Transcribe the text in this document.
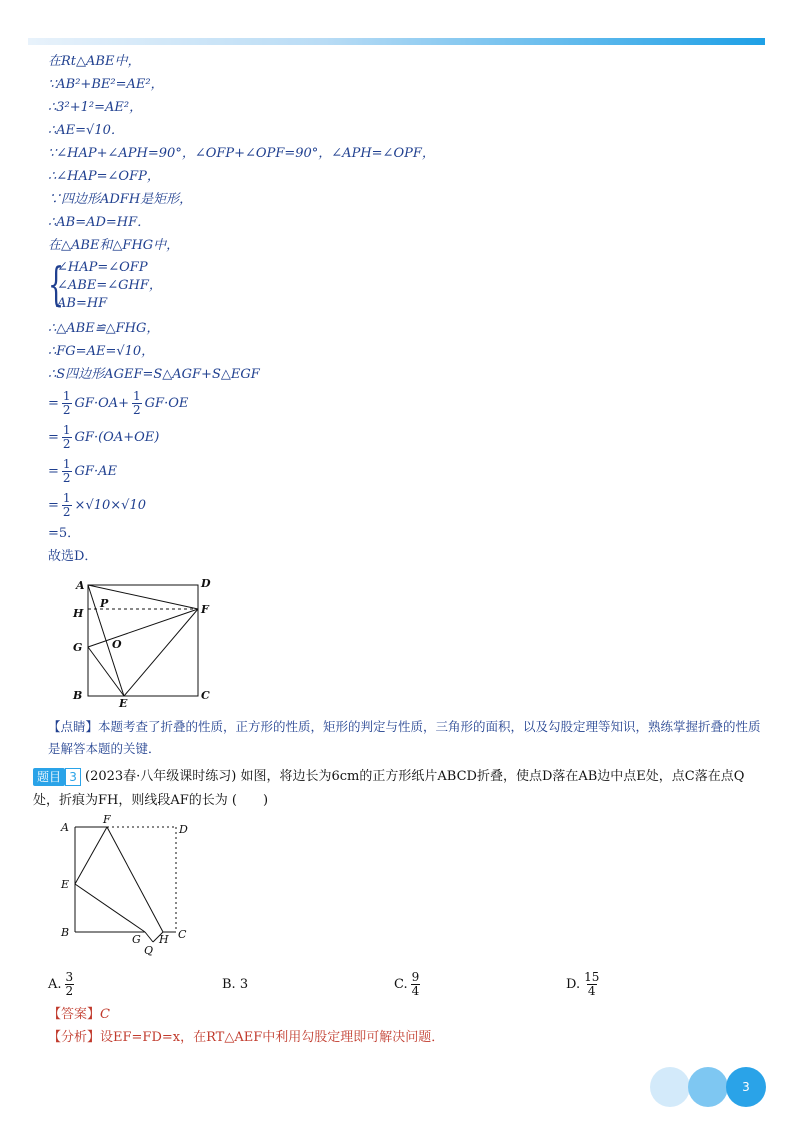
在Rt△ABE中，
∵AB²+BE²=AE²，
∴3²+1²=AE²，
∴AE=√10．
∵∠HAP+∠APH=90°，∠OFP+∠OPF=90°，∠APH=∠OPF，
∴∠HAP=∠OFP，
∵四边形ADFH是矩形，
∴AB=AD=HF．
在△ABE和△FHG中，
{
∠HAP=∠OFP
∠ABE=∠GHF，
AB=HF
∴△ABE≌△FHG，
∴FG=AE=√10，
∴S四边形AGEF=S△AGF+S△EGF
= $\frac{1}{2} GF\cdot OA+ \frac{1}{2} GF\cdot OE$
= $\frac{1}{2} GF\cdot(OA+OE)$
= $\frac{1}{2} GF\cdot AE$
= $\frac{1}{2} \times√10\times√10$
=5．
故选D．
A	D
P
H	F
O
G
B
E
C
【点睛】本题考查了折叠的性质，正方形的性质，矩形的判定与性质，三角形的面积，以及勾股定理等知识，熟练掌握折叠的性质是解答本题的关键．
题目 3 (2023春·八年级课时练习) 如图，将边长为6cm的正方形纸片ABCD折叠，使点D落在AB边中点E处，点C落在点Q处，折痕为FH，则线段AF的长为 (　　)
A
F
D
E
B
G H C
Q
A. $\frac{3}{2}$	B.
3	C. $\frac{9}{4}$	D. $\frac{15}{4}$
【答案】C
【分析】设EF=FD=x，在RT△AEF中利用勾股定理即可解决问题．
3
